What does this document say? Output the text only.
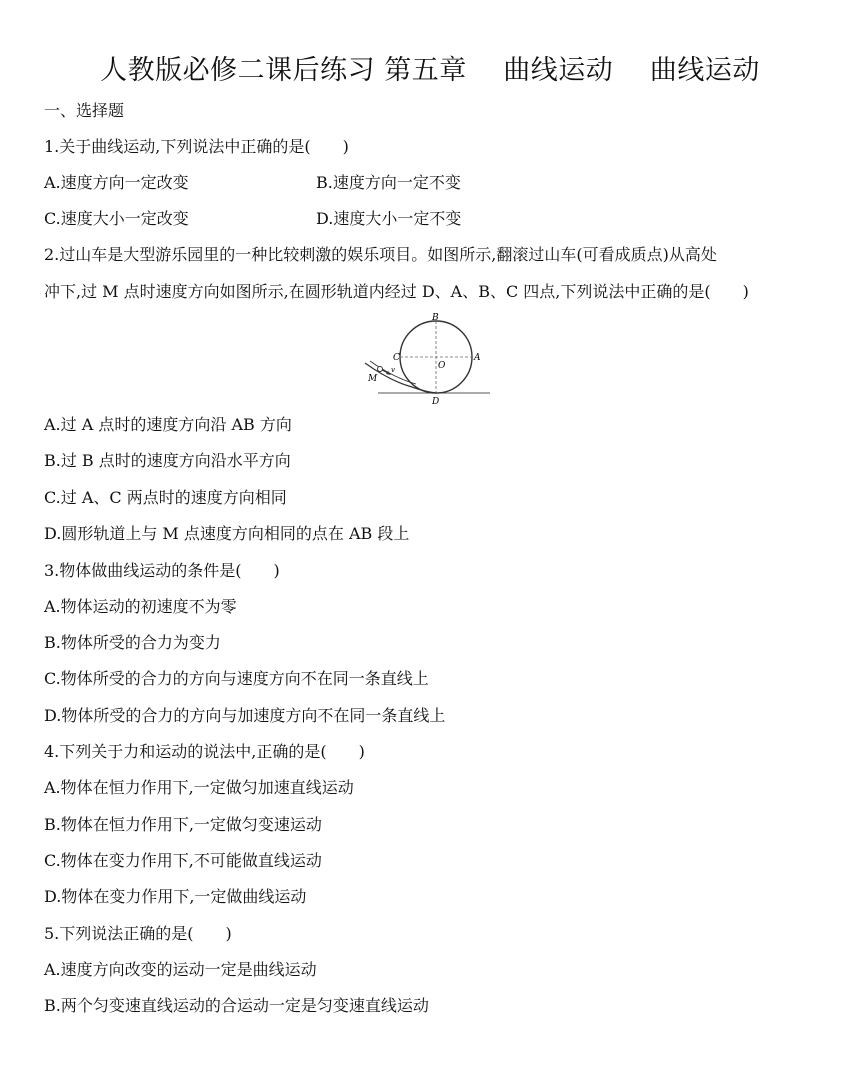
人教版必修二课后练习 第五章　 曲线运动　 曲线运动
一、选择题
1.关于曲线运动,下列说法中正确的是(　　)
A.速度方向一定改变	B.速度方向一定不变
C.速度大小一定改变	D.速度大小一定不变
2.过山车是大型游乐园里的一种比较刺激的娱乐项目。如图所示,翻滚过山车(可看成质点)从高处
冲下,过 M 点时速度方向如图所示,在圆形轨道内经过 D、A、B、C 四点,下列说法中正确的是(　　)
B
C	A
O
D
M
v
A.过 A 点时的速度方向沿 AB 方向
B.过 B 点时的速度方向沿水平方向
C.过 A、C 两点时的速度方向相同
D.圆形轨道上与 M 点速度方向相同的点在 AB 段上
3.物体做曲线运动的条件是(　　)
A.物体运动的初速度不为零
B.物体所受的合力为变力
C.物体所受的合力的方向与速度方向不在同一条直线上
D.物体所受的合力的方向与加速度方向不在同一条直线上
4.下列关于力和运动的说法中,正确的是(　　)
A.物体在恒力作用下,一定做匀加速直线运动
B.物体在恒力作用下,一定做匀变速运动
C.物体在变力作用下,不可能做直线运动
D.物体在变力作用下,一定做曲线运动
5.下列说法正确的是(　　)
A.速度方向改变的运动一定是曲线运动
B.两个匀变速直线运动的合运动一定是匀变速直线运动
